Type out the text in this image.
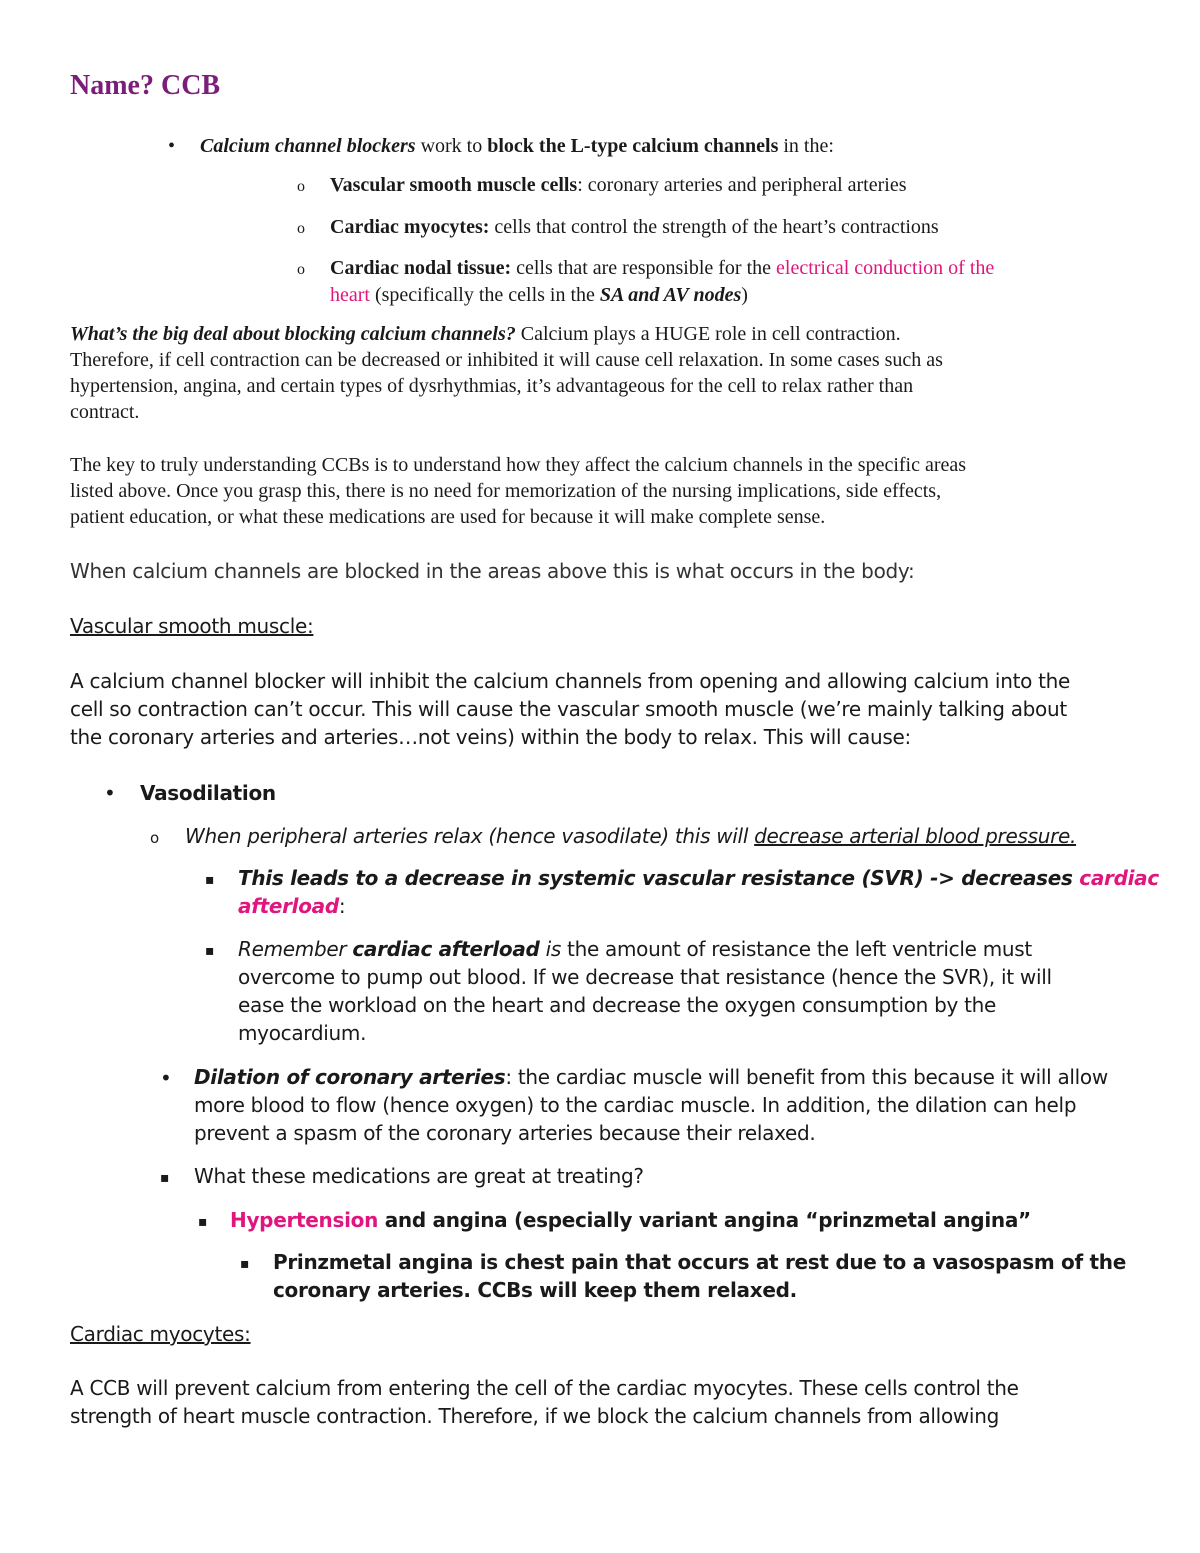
Name? CCB
• Calcium channel blockers work to block the L-type calcium channels in the:
o Vascular smooth muscle cells: coronary arteries and peripheral arteries
o Cardiac myocytes: cells that control the strength of the heart’s contractions
o Cardiac nodal tissue: cells that are responsible for the electrical conduction of the
heart (specifically the cells in the SA and AV nodes)
What’s the big deal about blocking calcium channels? Calcium plays a HUGE role in cell contraction.
Therefore, if cell contraction can be decreased or inhibited it will cause cell relaxation. In some cases such as
hypertension, angina, and certain types of dysrhythmias, it’s advantageous for the cell to relax rather than
contract.
The key to truly understanding CCBs is to understand how they affect the calcium channels in the specific areas
listed above. Once you grasp this, there is no need for memorization of the nursing implications, side effects,
patient education, or what these medications are used for because it will make complete sense.
When calcium channels are blocked in the areas above this is what occurs in the body:
Vascular smooth muscle:
A calcium channel blocker will inhibit the calcium channels from opening and allowing calcium into the
cell so contraction can’t occur. This will cause the vascular smooth muscle (we’re mainly talking about
the coronary arteries and arteries…not veins) within the body to relax. This will cause:
• Vasodilation
o When peripheral arteries relax (hence vasodilate) this will decrease arterial blood pressure.
▪ This leads to a decrease in systemic vascular resistance (SVR) -> decreases cardiac
afterload:
▪ Remember cardiac afterload is the amount of resistance the left ventricle must
overcome to pump out blood. If we decrease that resistance (hence the SVR), it will
ease the workload on the heart and decrease the oxygen consumption by the
myocardium.
• Dilation of coronary arteries: the cardiac muscle will benefit from this because it will allow
more blood to flow (hence oxygen) to the cardiac muscle. In addition, the dilation can help
prevent a spasm of the coronary arteries because their relaxed.
▪ What these medications are great at treating?
▪ Hypertension and angina (especially variant angina “prinzmetal angina”
▪ Prinzmetal angina is chest pain that occurs at rest due to a vasospasm of the
coronary arteries. CCBs will keep them relaxed.
Cardiac myocytes:
A CCB will prevent calcium from entering the cell of the cardiac myocytes. These cells control the
strength of heart muscle contraction. Therefore, if we block the calcium channels from allowing
